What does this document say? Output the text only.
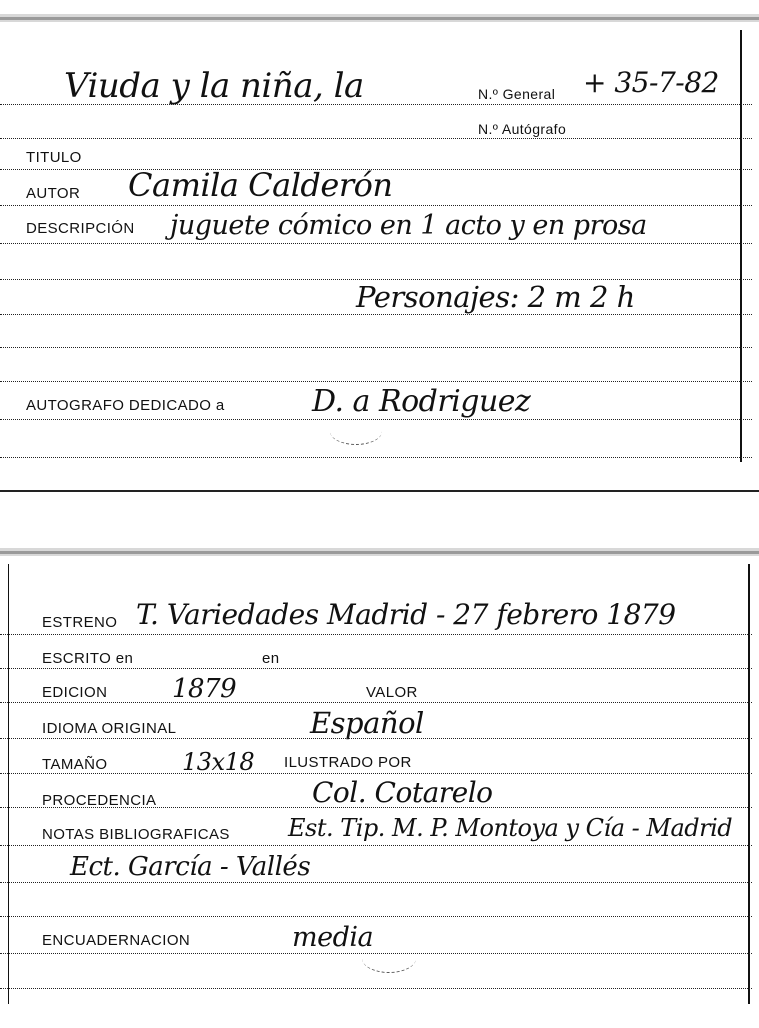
Viuda y la niña, la	N.º General + 35-7-82
N.º Autógrafo
TITULO
AUTOR Camila Calderón
DESCRIPCIÓN juguete cómico en 1 acto y en prosa
Personajes: 2 m 2 h
AUTOGRAFO DEDICADO a	D. a Rodriguez
ESTRENO T. Variedades Madrid - 27 febrero 1879
ESCRITO en	en
EDICION 1879	VALOR
IDIOMA ORIGINAL	Español
TAMAÑO	13x18 ILUSTRADO POR
PROCEDENCIA	Col. Cotarelo
NOTAS BIBLIOGRAFICAS Est. Tip. M. P. Montoya y Cía - Madrid
Ect. García - Vallés
ENCUADERNACION	media
